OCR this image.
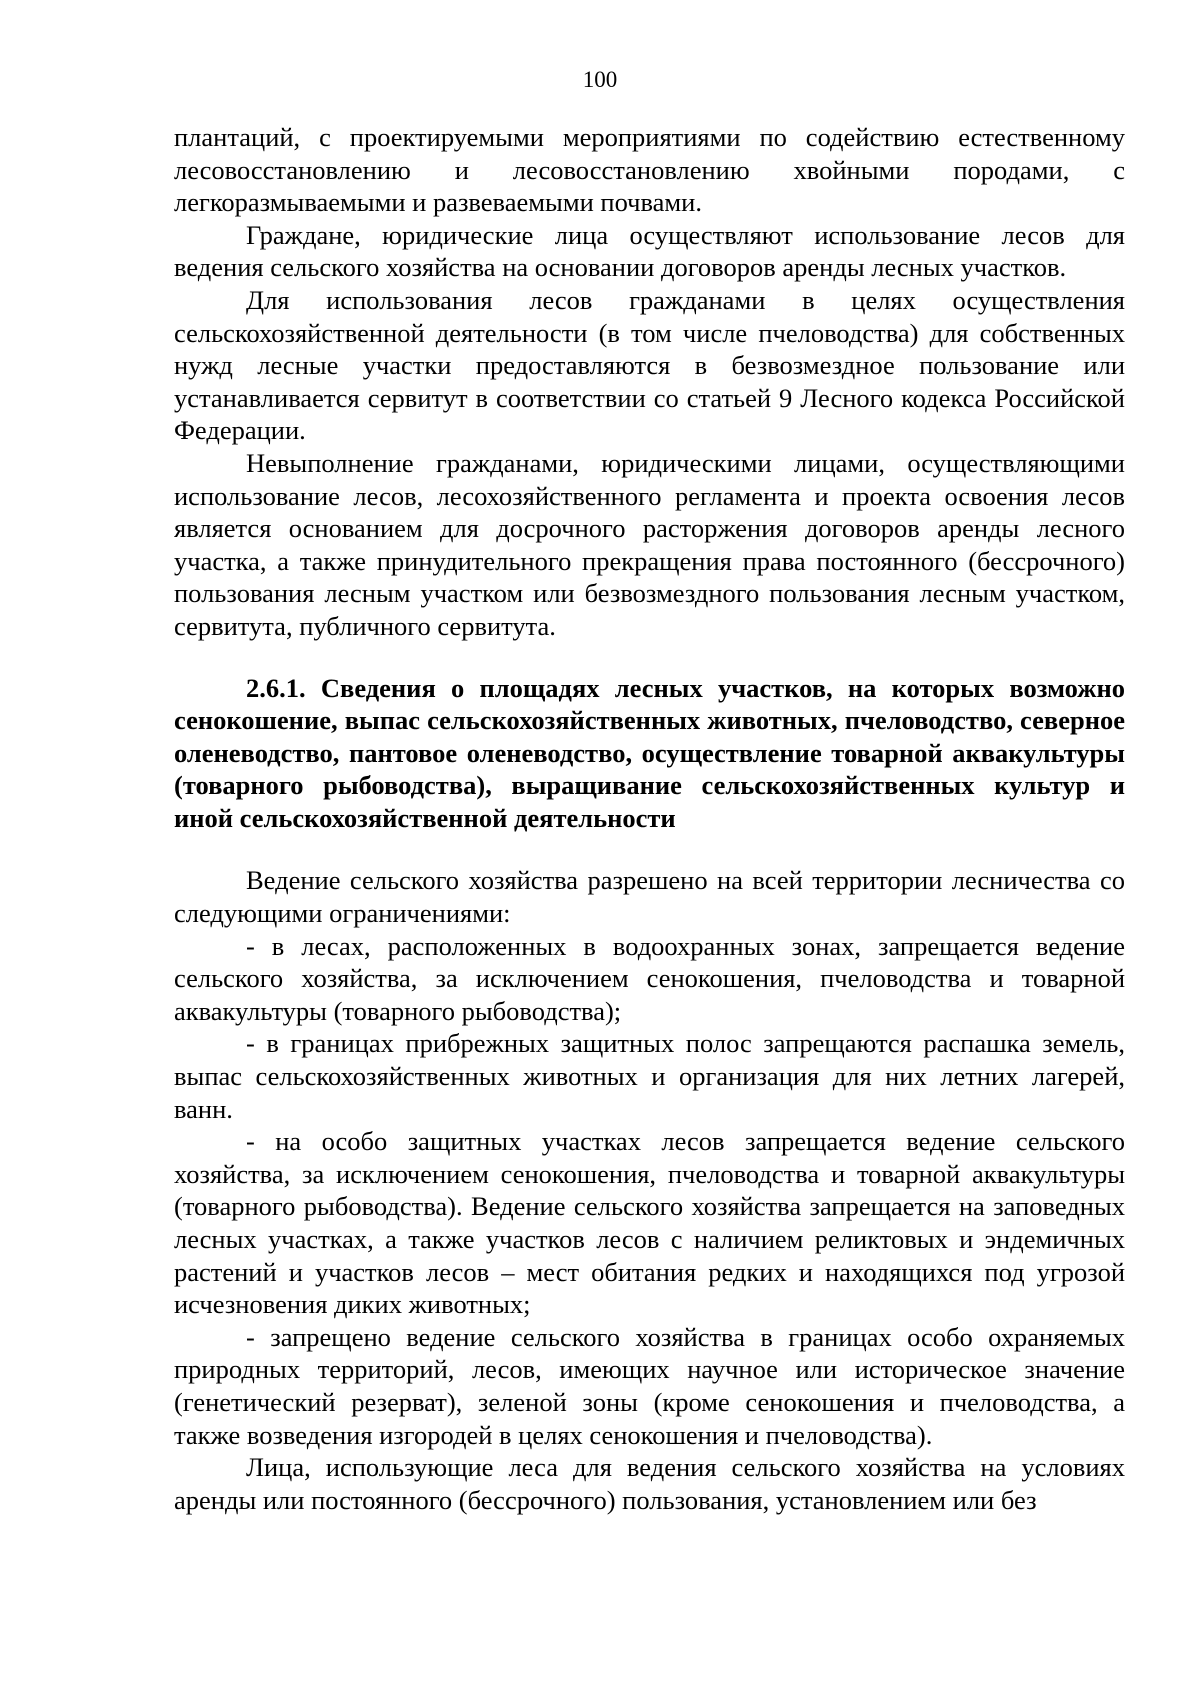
100

плантаций, с проектируемыми мероприятиями по содействию естественному лесовосстановлению и лесовосстановлению хвойными породами, с легкоразмываемыми и развеваемыми почвами.

Граждане, юридические лица осуществляют использование лесов для ведения сельского хозяйства на основании договоров аренды лесных участков.

Для использования лесов гражданами в целях осуществления сельскохозяйственной деятельности (в том числе пчеловодства) для собственных нужд лесные участки предоставляются в безвозмездное пользование или устанавливается сервитут в соответствии со статьей 9 Лесного кодекса Российской Федерации.

Невыполнение гражданами, юридическими лицами, осуществляющими использование лесов, лесохозяйственного регламента и проекта освоения лесов является основанием для досрочного расторжения договоров аренды лесного участка, а также принудительного прекращения права постоянного (бессрочного) пользования лесным участком или безвозмездного пользования лесным участком, сервитута, публичного сервитута.

2.6.1. Сведения о площадях лесных участков, на которых возможно сенокошение, выпас сельскохозяйственных животных, пчеловодство, северное оленеводство, пантовое оленеводство, осуществление товарной аквакультуры (товарного рыбоводства), выращивание сельскохозяйственных культур и иной сельскохозяйственной деятельности

Ведение сельского хозяйства разрешено на всей территории лесничества со следующими ограничениями:

- в лесах, расположенных в водоохранных зонах, запрещается ведение сельского хозяйства, за исключением сенокошения, пчеловодства и товарной аквакультуры (товарного рыбоводства);

- в границах прибрежных защитных полос запрещаются распашка земель, выпас сельскохозяйственных животных и организация для них летних лагерей, ванн.

- на особо защитных участках лесов запрещается ведение сельского хозяйства, за исключением сенокошения, пчеловодства и товарной аквакультуры (товарного рыбоводства). Ведение сельского хозяйства запрещается на заповедных лесных участках, а также участков лесов с наличием реликтовых и эндемичных растений и участков лесов – мест обитания редких и находящихся под угрозой исчезновения диких животных;

- запрещено ведение сельского хозяйства в границах особо охраняемых природных территорий, лесов, имеющих научное или историческое значение (генетический резерват), зеленой зоны (кроме сенокошения и пчеловодства, а также возведения изгородей в целях сенокошения и пчеловодства).

Лица, использующие леса для ведения сельского хозяйства на условиях аренды или постоянного (бессрочного) пользования, установлением или без
